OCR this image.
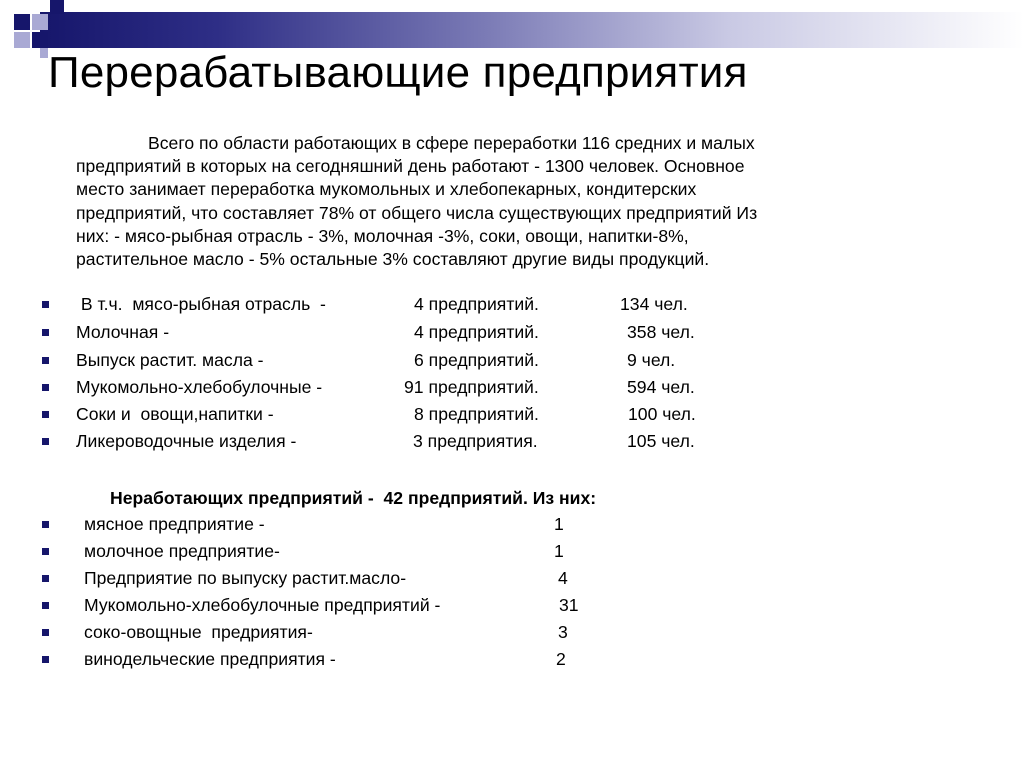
Перерабатывающие предприятия

Всего по области работающих в сфере переработки 116 средних и малых
предприятий в которых на сегодняшний день работают - 1300 человек. Основное
место занимает переработка мукомольных и хлебопекарных, кондитерских
предприятий, что составляет 78% от общего числа существующих предприятий Из
них: - мясо-рыбная отрасль - 3%, молочная -3%, соки, овощи, напитки-8%,
растительное масло - 5% остальные 3% составляют другие виды продукций.

В т.ч.  мясо-рыбная отрасль  -	4 предприятий.	134 чел.
Молочная -	4 предприятий.	358 чел.
Выпуск растит. масла -	6 предприятий.	9 чел.
Мукомольно-хлебобулочные -	91 предприятий.	594 чел.
Соки и  овощи,напитки -	8 предприятий.	100 чел.
Ликероводочные изделия -	3 предприятия.	105 чел.
Неработающих предприятий -  42 предприятий. Из них:
мясное предприятие -	1
молочное предприятие-	1
Предприятие по выпуску растит.масло-	4
Мукомольно-хлебобулочные предприятий -	31
соко-овощные  предриятия-	3
винодельческие предприятия -	2
